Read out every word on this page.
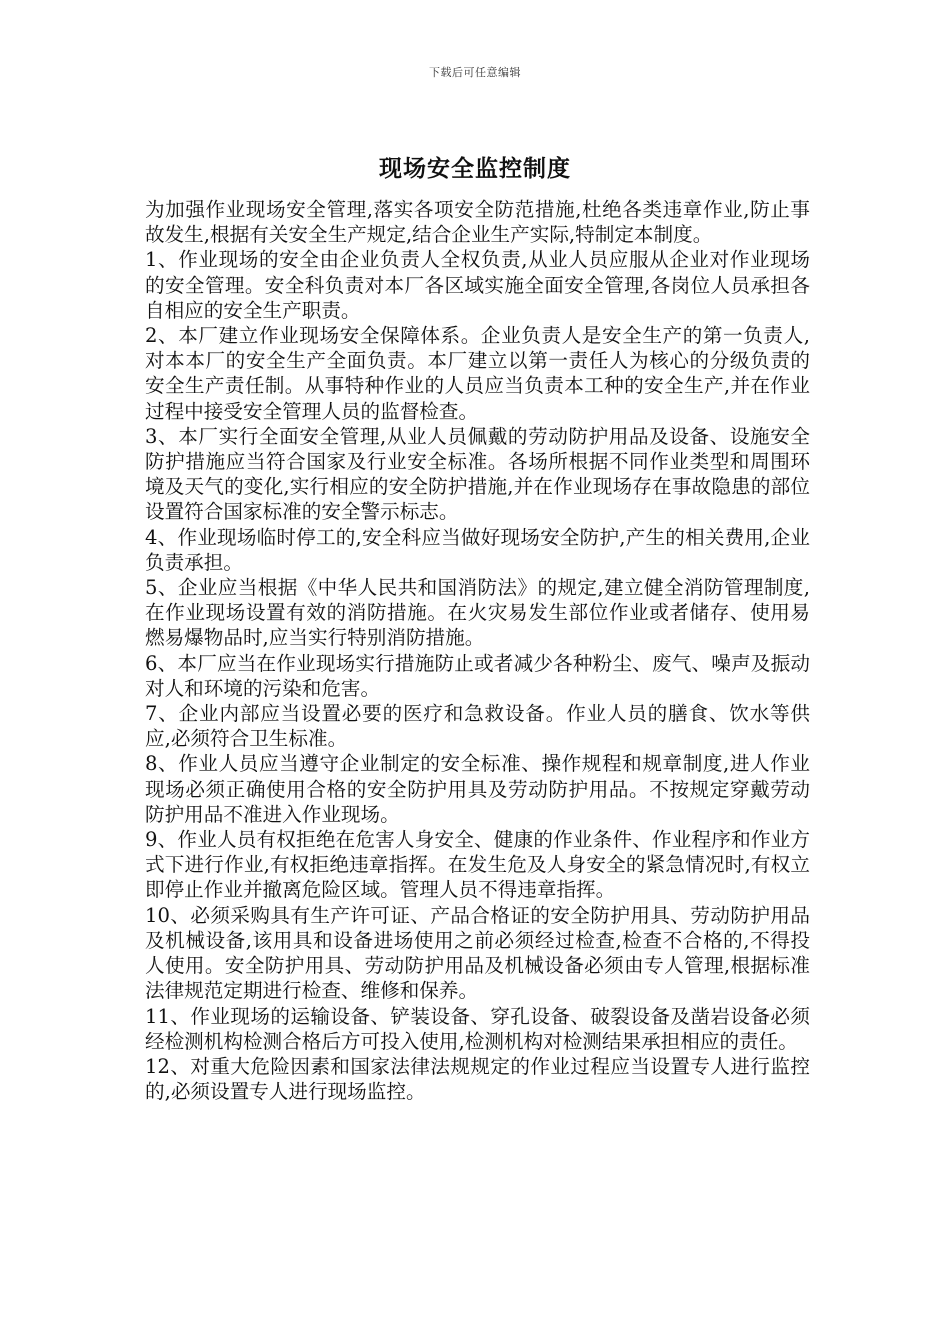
下载后可任意编辑
现场安全监控制度

为加强作业现场安全管理,落实各项安全防范措施,杜绝各类违章作业,防止事故发生,根据有关安全生产规定,结合企业生产实际,特制定本制度。

1、作业现场的安全由企业负责人全权负责,从业人员应服从企业对作业现场的安全管理。安全科负责对本厂各区域实施全面安全管理,各岗位人员承担各自相应的安全生产职责。

2、本厂建立作业现场安全保障体系。企业负责人是安全生产的第一负责人,对本本厂的安全生产全面负责。本厂建立以第一责任人为核心的分级负责的安全生产责任制。从事特种作业的人员应当负责本工种的安全生产,并在作业过程中接受安全管理人员的监督检查。

3、本厂实行全面安全管理,从业人员佩戴的劳动防护用品及设备、设施安全防护措施应当符合国家及行业安全标准。各场所根据不同作业类型和周围环境及天气的变化,实行相应的安全防护措施,并在作业现场存在事故隐患的部位设置符合国家标准的安全警示标志。

4、作业现场临时停工的,安全科应当做好现场安全防护,产生的相关费用,企业负责承担。

5、企业应当根据《中华人民共和国消防法》的规定,建立健全消防管理制度,在作业现场设置有效的消防措施。在火灾易发生部位作业或者储存、使用易燃易爆物品时,应当实行特别消防措施。

6、本厂应当在作业现场实行措施防止或者减少各种粉尘、废气、噪声及振动对人和环境的污染和危害。

7、企业内部应当设置必要的医疗和急救设备。作业人员的膳食、饮水等供应,必须符合卫生标准。

8、作业人员应当遵守企业制定的安全标准、操作规程和规章制度,进人作业现场必须正确使用合格的安全防护用具及劳动防护用品。不按规定穿戴劳动防护用品不准进入作业现场。

9、作业人员有权拒绝在危害人身安全、健康的作业条件、作业程序和作业方式下进行作业,有权拒绝违章指挥。在发生危及人身安全的紧急情况时,有权立即停止作业并撤离危险区域。管理人员不得违章指挥。

10、必须采购具有生产许可证、产品合格证的安全防护用具、劳动防护用品及机械设备,该用具和设备进场使用之前必须经过检查,检查不合格的,不得投人使用。安全防护用具、劳动防护用品及机械设备必须由专人管理,根据标准法律规范定期进行检查、维修和保养。

11、作业现场的运输设备、铲装设备、穿孔设备、破裂设备及凿岩设备必须经检测机构检测合格后方可投入使用,检测机构对检测结果承担相应的责任。

12、对重大危险因素和国家法律法规规定的作业过程应当设置专人进行监控的,必须设置专人进行现场监控。
